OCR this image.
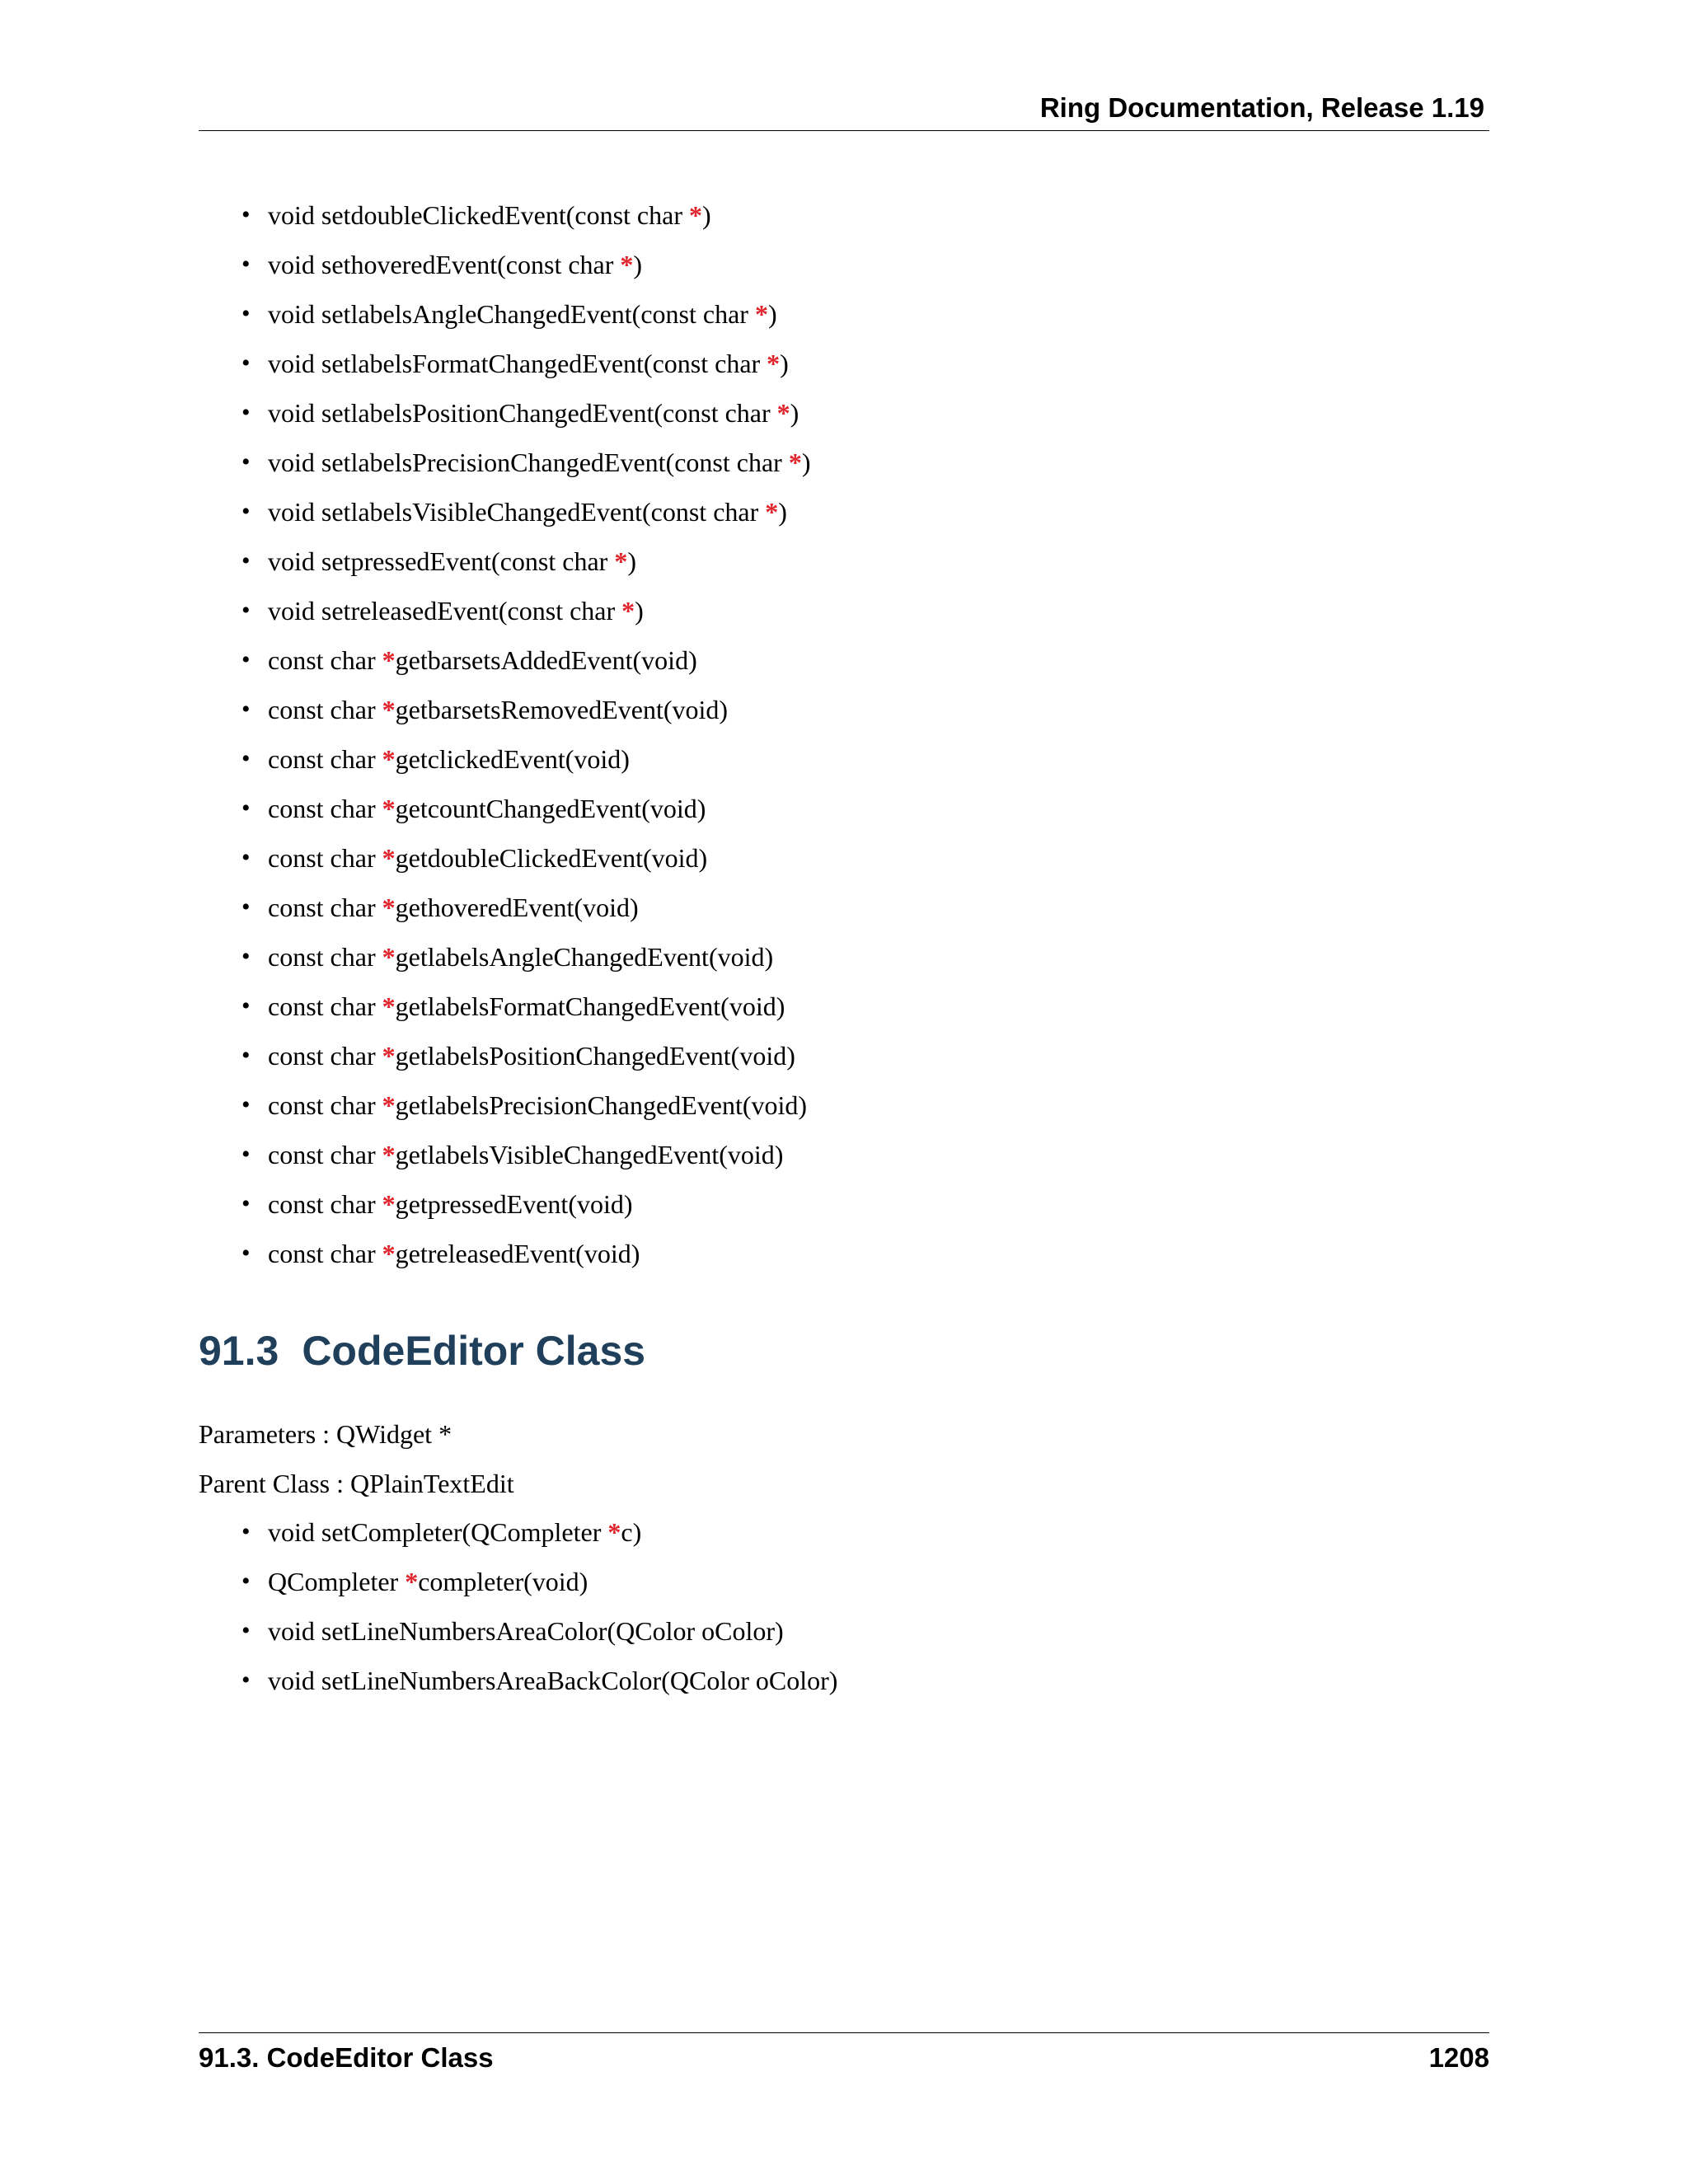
Ring Documentation, Release 1.19
• void setdoubleClickedEvent(const char *)
• void sethoveredEvent(const char *)
• void setlabelsAngleChangedEvent(const char *)
• void setlabelsFormatChangedEvent(const char *)
• void setlabelsPositionChangedEvent(const char *)
• void setlabelsPrecisionChangedEvent(const char *)
• void setlabelsVisibleChangedEvent(const char *)
• void setpressedEvent(const char *)
• void setreleasedEvent(const char *)
• const char *getbarsetsAddedEvent(void)
• const char *getbarsetsRemovedEvent(void)
• const char *getclickedEvent(void)
• const char *getcountChangedEvent(void)
• const char *getdoubleClickedEvent(void)
• const char *gethoveredEvent(void)
• const char *getlabelsAngleChangedEvent(void)
• const char *getlabelsFormatChangedEvent(void)
• const char *getlabelsPositionChangedEvent(void)
• const char *getlabelsPrecisionChangedEvent(void)
• const char *getlabelsVisibleChangedEvent(void)
• const char *getpressedEvent(void)
• const char *getreleasedEvent(void)
91.3 CodeEditor Class
Parameters : QWidget *
Parent Class : QPlainTextEdit
• void setCompleter(QCompleter *c)
• QCompleter *completer(void)
• void setLineNumbersAreaColor(QColor oColor)
• void setLineNumbersAreaBackColor(QColor oColor)
91.3. CodeEditor Class	1208
